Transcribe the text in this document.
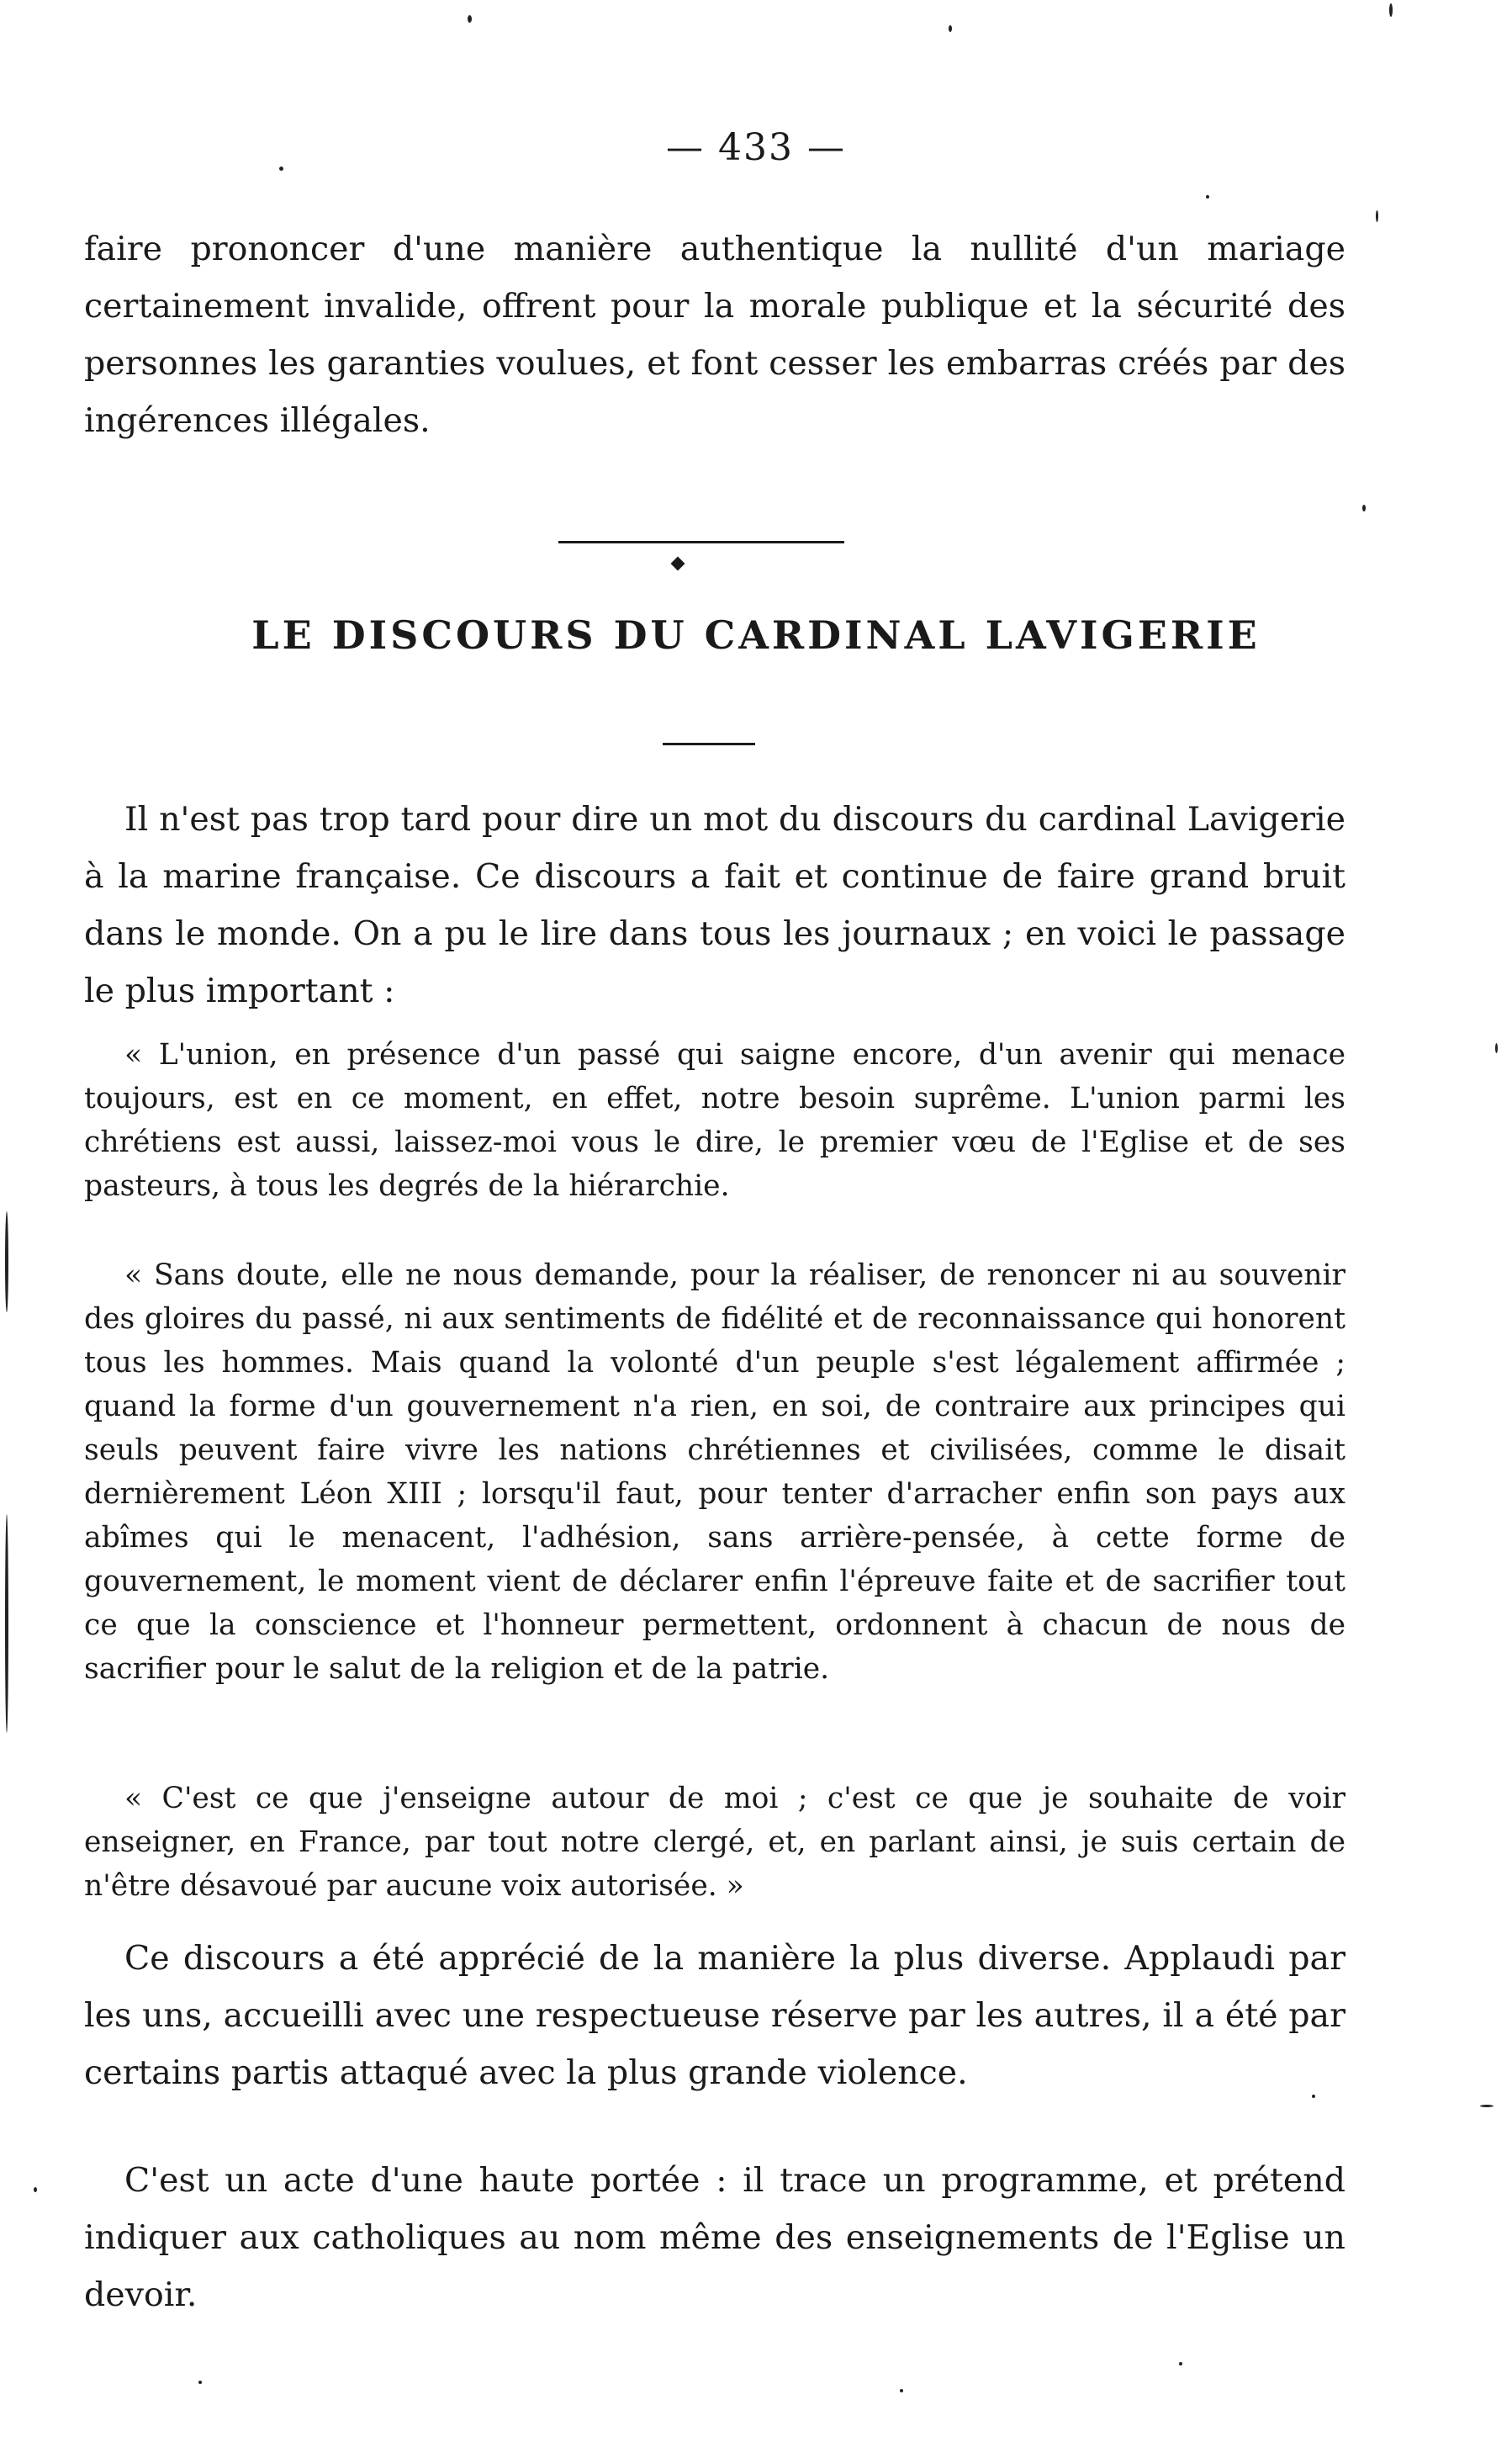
— 433 —

faire prononcer d'une manière authentique la nullité d'un mariage certainement invalide, offrent pour la morale publique et la sécurité des personnes les garanties voulues, et font cesser les embarras créés par des ingérences illégales.

LE DISCOURS DU CARDINAL LAVIGERIE

Il n'est pas trop tard pour dire un mot du discours du cardinal Lavigerie à la marine française. Ce discours a fait et continue de faire grand bruit dans le monde. On a pu le lire dans tous les journaux ; en voici le passage le plus important :

« L'union, en présence d'un passé qui saigne encore, d'un avenir qui menace toujours, est en ce moment, en effet, notre besoin suprême. L'union parmi les chrétiens est aussi, laissez-moi vous le dire, le premier vœu de l'Eglise et de ses pasteurs, à tous les degrés de la hiérarchie.

« Sans doute, elle ne nous demande, pour la réaliser, de renoncer ni au souvenir des gloires du passé, ni aux sentiments de fidélité et de reconnaissance qui honorent tous les hommes. Mais quand la volonté d'un peuple s'est légalement affirmée ; quand la forme d'un gouvernement n'a rien, en soi, de contraire aux principes qui seuls peuvent faire vivre les nations chrétiennes et civilisées, comme le disait dernièrement Léon XIII ; lorsqu'il faut, pour tenter d'arracher enfin son pays aux abîmes qui le menacent, l'adhésion, sans arrière-pensée, à cette forme de gouvernement, le moment vient de déclarer enfin l'épreuve faite et de sacrifier tout ce que la conscience et l'honneur permettent, ordonnent à chacun de nous de sacrifier pour le salut de la religion et de la patrie.

« C'est ce que j'enseigne autour de moi ; c'est ce que je souhaite de voir enseigner, en France, par tout notre clergé, et, en parlant ainsi, je suis certain de n'être désavoué par aucune voix autorisée. »

Ce discours a été apprécié de la manière la plus diverse. Applaudi par les uns, accueilli avec une respectueuse réserve par les autres, il a été par certains partis attaqué avec la plus grande violence.

C'est un acte d'une haute portée : il trace un programme, et prétend indiquer aux catholiques au nom même des enseignements de l'Eglise un devoir.
